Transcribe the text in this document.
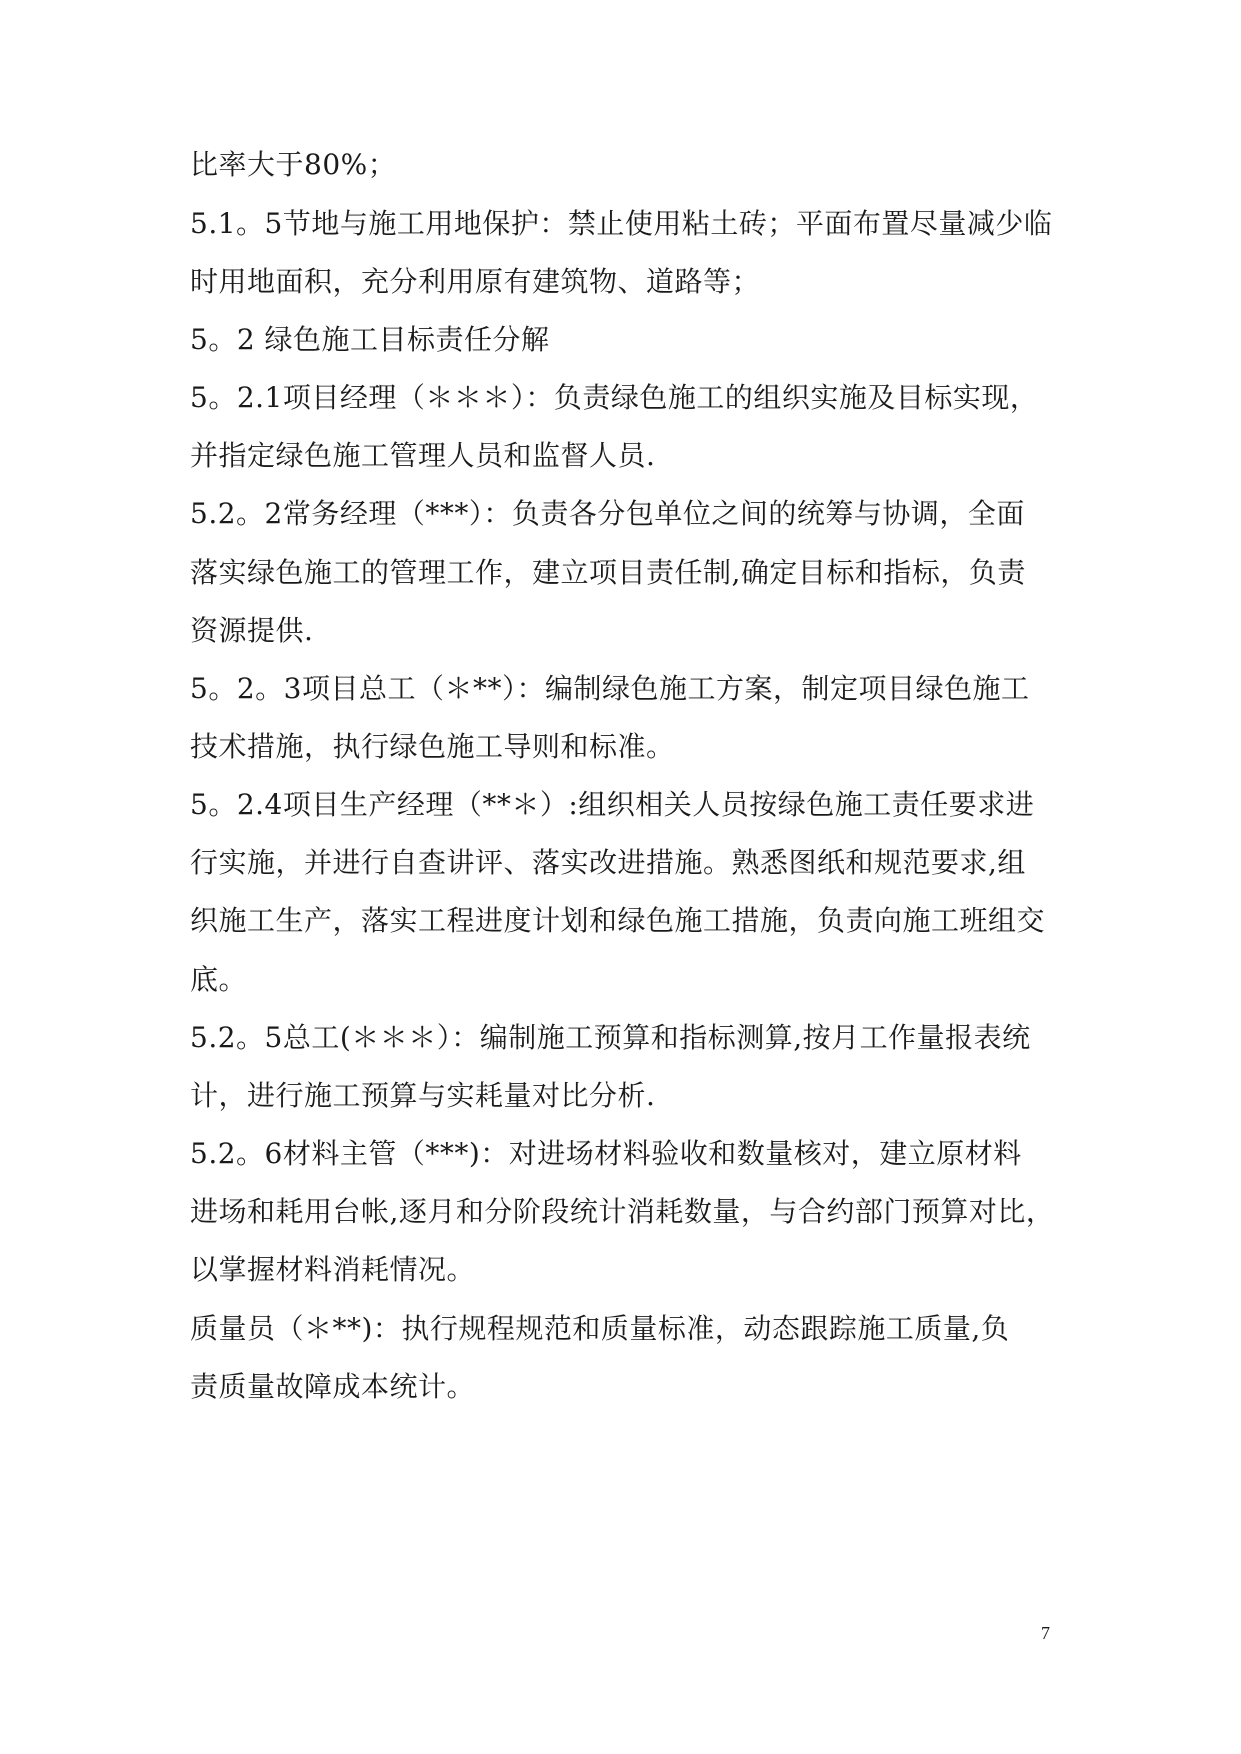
比率大于80%；
5.1。5节地与施工用地保护：禁止使用粘土砖；平面布置尽量减少临
时用地面积，充分利用原有建筑物、道路等；
5。2 绿色施工目标责任分解
5。2.1项目经理（＊＊＊）：负责绿色施工的组织实施及目标实现，
并指定绿色施工管理人员和监督人员.
5.2。2常务经理（***）：负责各分包单位之间的统筹与协调，全面
落实绿色施工的管理工作，建立项目责任制,确定目标和指标，负责
资源提供.
5。2。3项目总工（＊**）：编制绿色施工方案，制定项目绿色施工
技术措施，执行绿色施工导则和标准。
5。2.4项目生产经理（**＊）:组织相关人员按绿色施工责任要求进
行实施，并进行自查讲评、落实改进措施。熟悉图纸和规范要求,组
织施工生产，落实工程进度计划和绿色施工措施，负责向施工班组交
底。
5.2。5总工(＊＊＊）：编制施工预算和指标测算,按月工作量报表统
计，进行施工预算与实耗量对比分析.
5.2。6材料主管（***)：对进场材料验收和数量核对，建立原材料
进场和耗用台帐,逐月和分阶段统计消耗数量，与合约部门预算对比，
以掌握材料消耗情况。
质量员（＊**)：执行规程规范和质量标准，动态跟踪施工质量,负
责质量故障成本统计。
7
